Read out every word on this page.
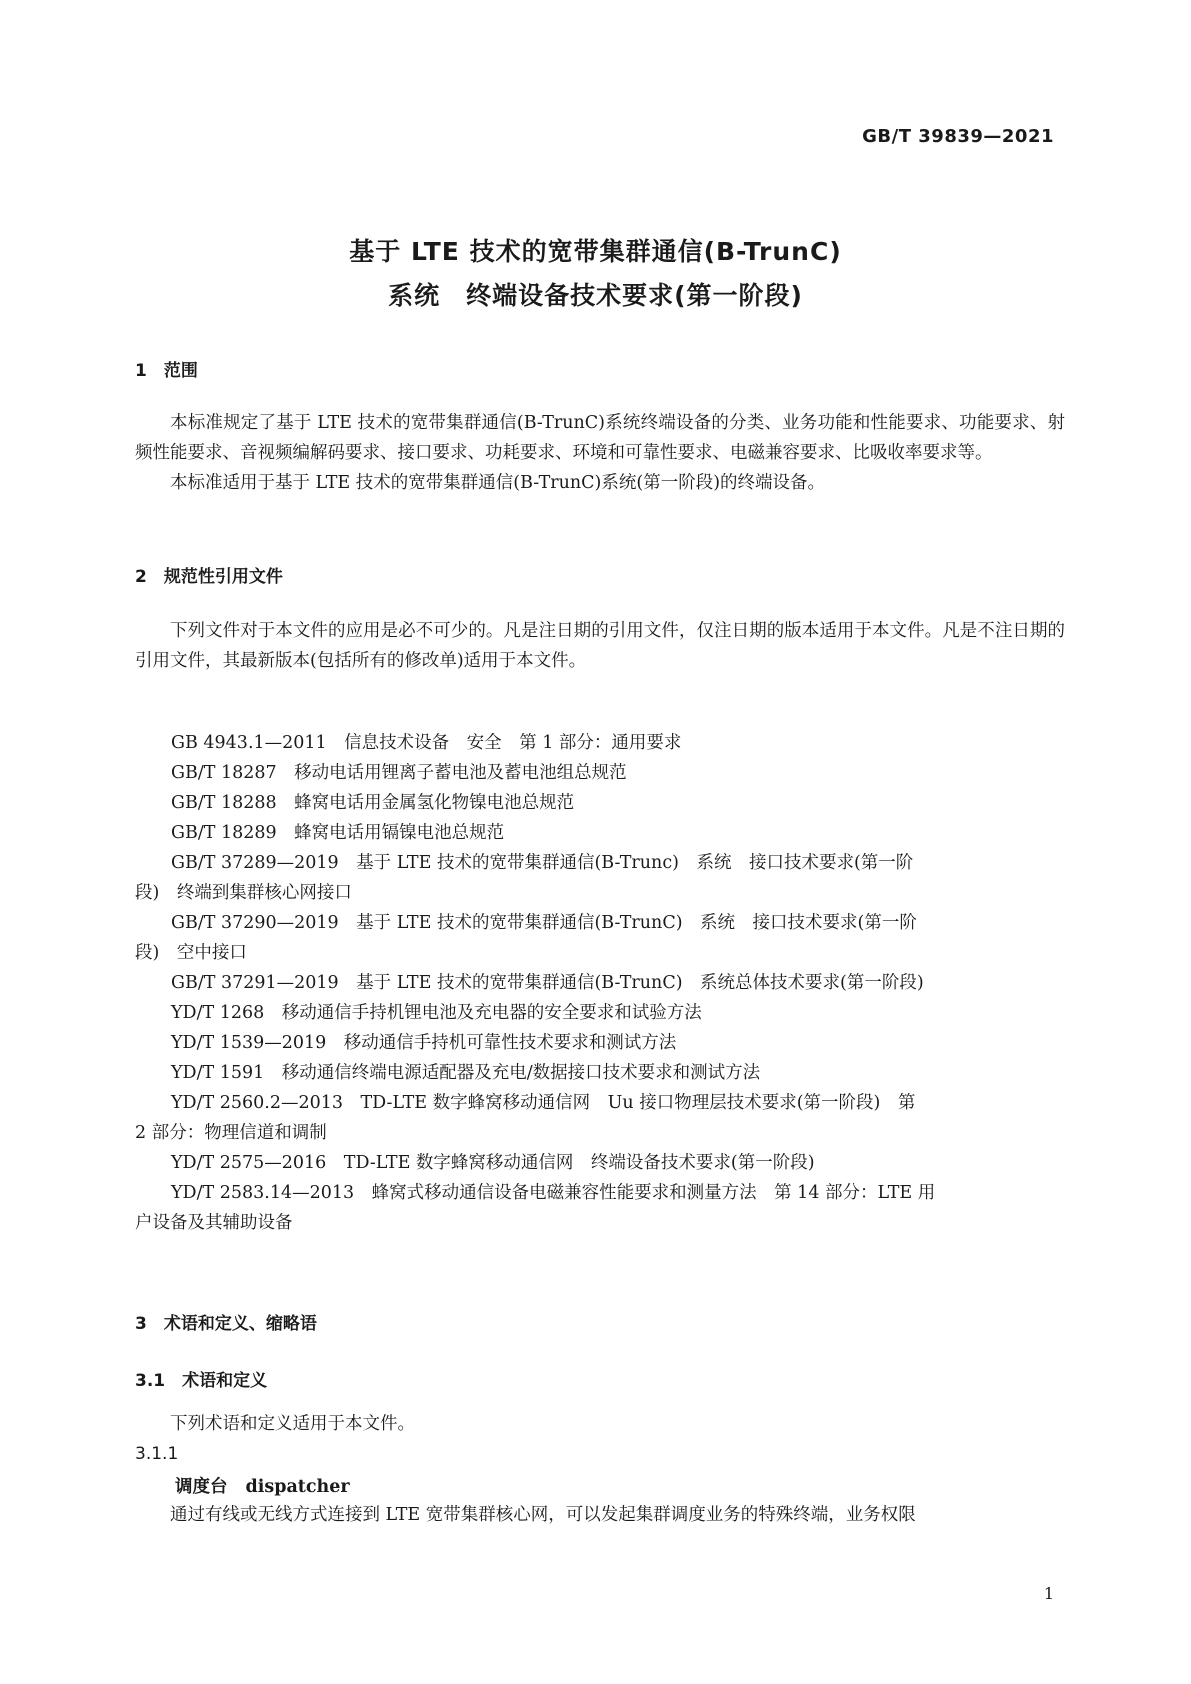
GB/T 39839—2021
基于 LTE 技术的宽带集群通信(B-TrunC)
系统　终端设备技术要求(第一阶段)
1　范围

本标准规定了基于 LTE 技术的宽带集群通信(B-TrunC)系统终端设备的分类、业务功能和性能要求、功能要求、射频性能要求、音视频编解码要求、接口要求、功耗要求、环境和可靠性要求、电磁兼容要求、比吸收率要求等。

本标准适用于基于 LTE 技术的宽带集群通信(B-TrunC)系统(第一阶段)的终端设备。

2　规范性引用文件

下列文件对于本文件的应用是必不可少的。凡是注日期的引用文件，仅注日期的版本适用于本文件。凡是不注日期的引用文件，其最新版本(包括所有的修改单)适用于本文件。

GB 4943.1—2011　信息技术设备　安全　第 1 部分：通用要求
GB/T 18287　移动电话用锂离子蓄电池及蓄电池组总规范
GB/T 18288　蜂窝电话用金属氢化物镍电池总规范
GB/T 18289　蜂窝电话用镉镍电池总规范
GB/T 37289—2019　基于 LTE 技术的宽带集群通信(B-Trunc)　系统　接口技术要求(第一阶
段)　终端到集群核心网接口
GB/T 37290—2019　基于 LTE 技术的宽带集群通信(B-TrunC)　系统　接口技术要求(第一阶
段)　空中接口
GB/T 37291—2019　基于 LTE 技术的宽带集群通信(B-TrunC)　系统总体技术要求(第一阶段)
YD/T 1268　移动通信手持机锂电池及充电器的安全要求和试验方法
YD/T 1539—2019　移动通信手持机可靠性技术要求和测试方法
YD/T 1591　移动通信终端电源适配器及充电/数据接口技术要求和测试方法
YD/T 2560.2—2013　TD-LTE 数字蜂窝移动通信网　Uu 接口物理层技术要求(第一阶段)　第
2 部分：物理信道和调制
YD/T 2575—2016　TD-LTE 数字蜂窝移动通信网　终端设备技术要求(第一阶段)
YD/T 2583.14—2013　蜂窝式移动通信设备电磁兼容性能要求和测量方法　第 14 部分：LTE 用
户设备及其辅助设备
3　术语和定义、缩略语
3.1　术语和定义

下列术语和定义适用于本文件。

3.1.1
调度台 dispatcher

通过有线或无线方式连接到 LTE 宽带集群核心网，可以发起集群调度业务的特殊终端，业务权限

1
